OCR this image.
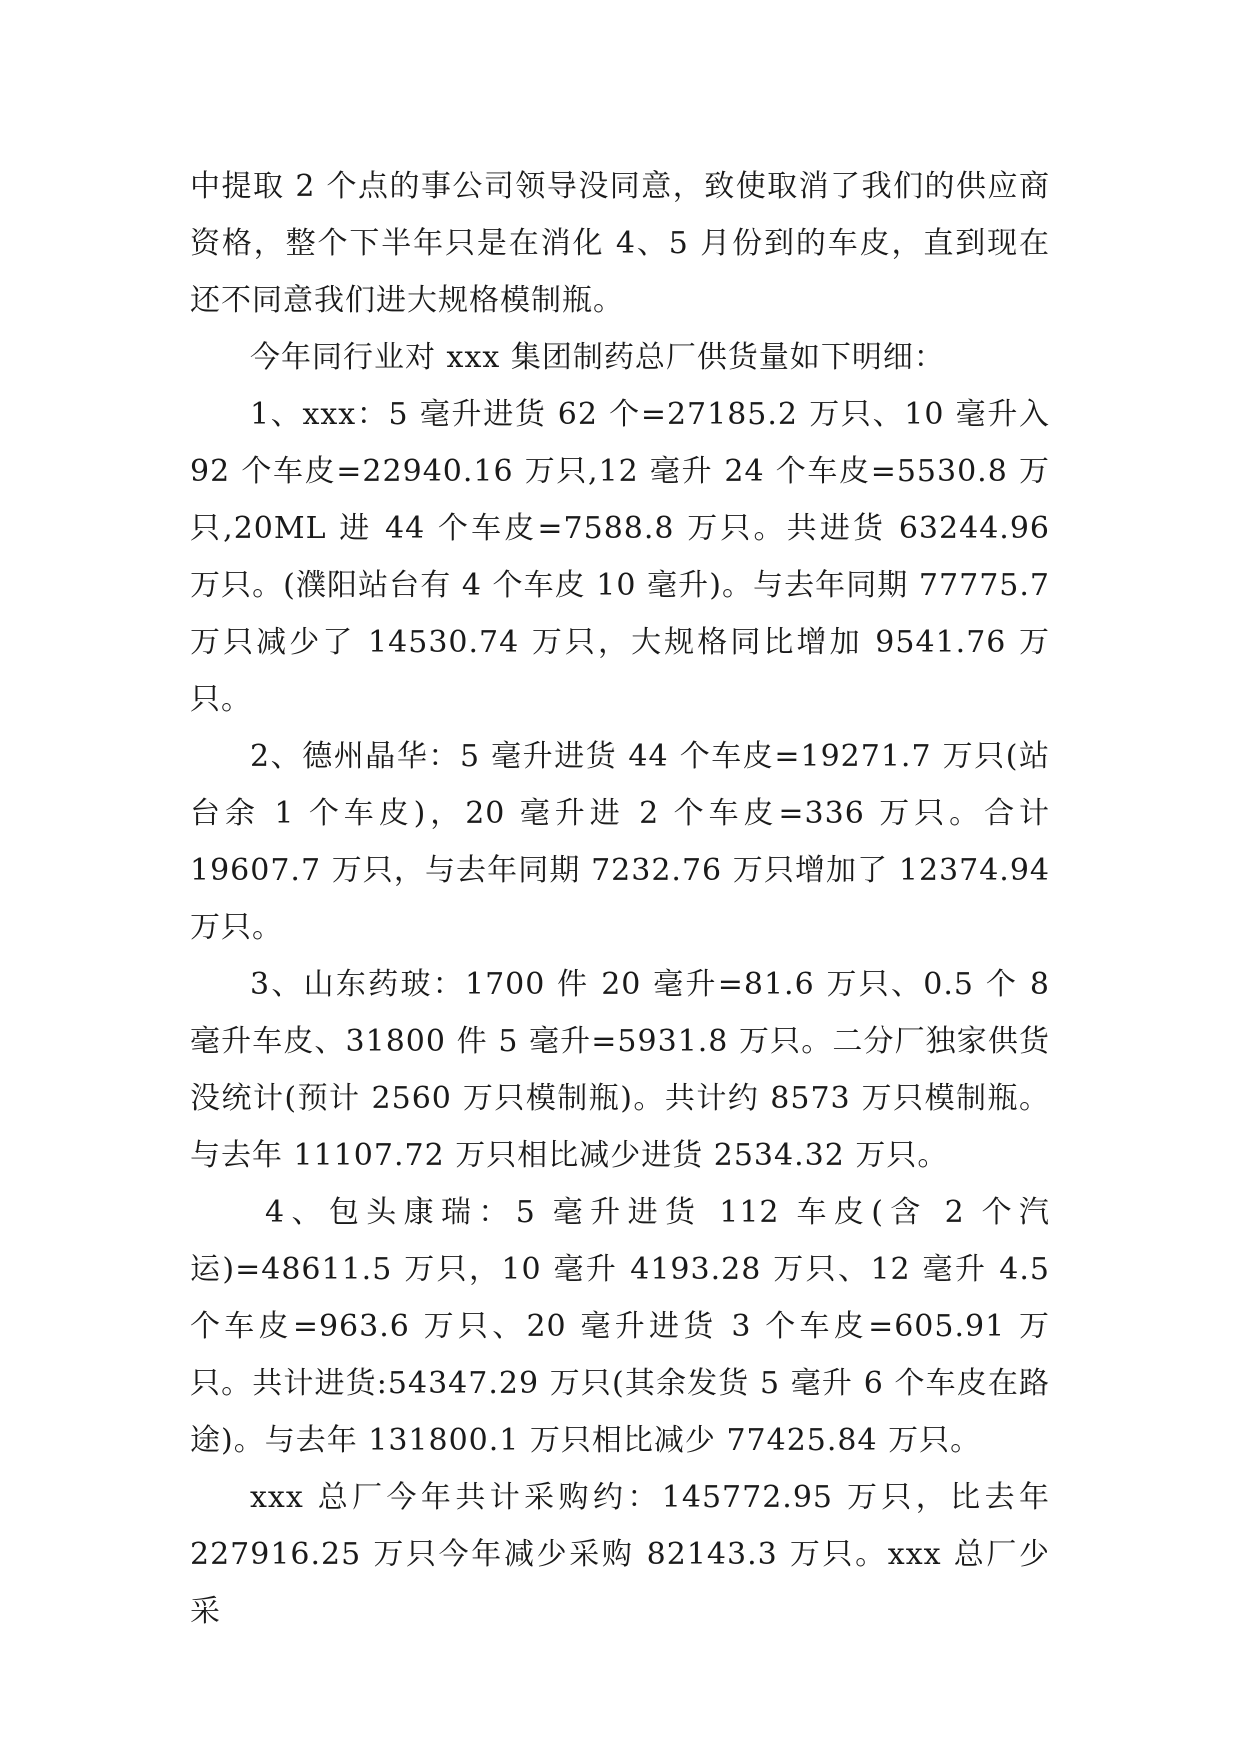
中提取 2 个点的事公司领导没同意，致使取消了我们的供应商资格，整个下半年只是在消化 4、5 月份到的车皮，直到现在还不同意我们进大规格模制瓶。

今年同行业对 xxx 集团制药总厂供货量如下明细：

1、xxx：5 毫升进货 62 个=27185.2 万只、10 毫升入 92 个车皮=22940.16 万只,12 毫升 24 个车皮=5530.8 万只,20ML 进 44 个车皮=7588.8 万只。共进货 63244.96 万只。(濮阳站台有 4 个车皮 10 毫升)。与去年同期 77775.7 万只减少了 14530.74 万只，大规格同比增加 9541.76 万只。

2、德州晶华：5 毫升进货 44 个车皮=19271.7 万只(站台余 1 个车皮)，20 毫升进 2 个车皮=336 万只。合计 19607.7 万只，与去年同期 7232.76 万只增加了 12374.94 万只。

3、山东药玻：1700 件 20 毫升=81.6 万只、0.5 个 8 毫升车皮、31800 件 5 毫升=5931.8 万只。二分厂独家供货没统计(预计 2560 万只模制瓶)。共计约 8573 万只模制瓶。与去年 11107.72 万只相比减少进货 2534.32 万只。

4、包头康瑞：5 毫升进货 112 车皮(含 2 个汽运)=48611.5 万只，10 毫升 4193.28 万只、12 毫升 4.5 个车皮=963.6 万只、20 毫升进货 3 个车皮=605.91 万只。共计进货:54347.29 万只(其余发货 5 毫升 6 个车皮在路途)。与去年 131800.1 万只相比减少 77425.84 万只。

xxx 总厂今年共计采购约：145772.95 万只，比去年 227916.25 万只今年减少采购 82143.3 万只。xxx 总厂少采
